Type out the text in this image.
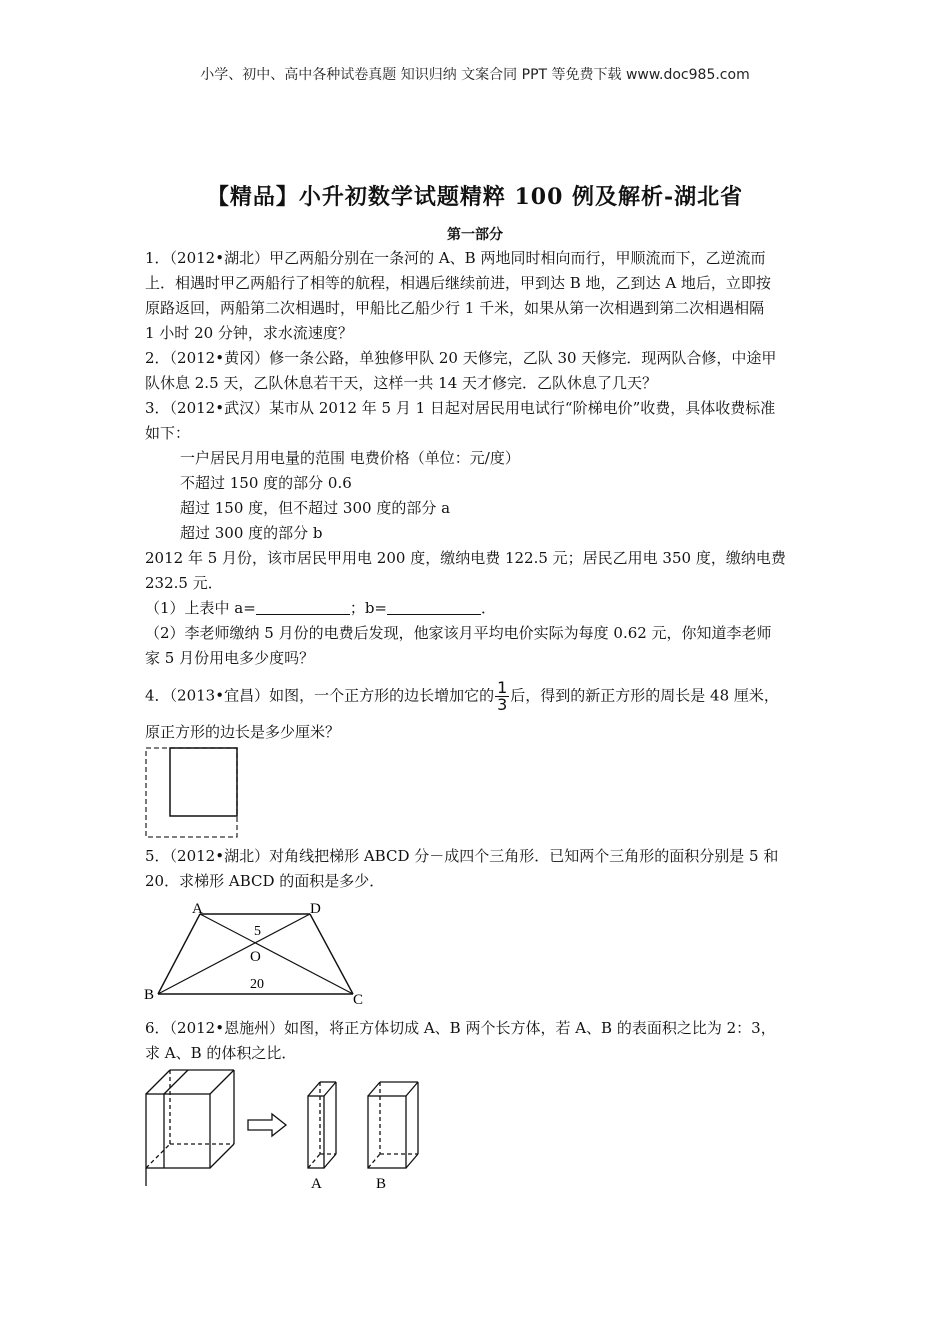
小学、初中、高中各种试卷真题 知识归纳 文案合同 PPT 等免费下载 www.doc985.com
【精品】小升初数学试题精粹 100 例及解析-湖北省
第一部分
1．（2012•湖北）甲乙两船分别在一条河的 A、B 两地同时相向而行，甲顺流而下，乙逆流而
上．相遇时甲乙两船行了相等的航程，相遇后继续前进，甲到达 B 地，乙到达 A 地后，立即按
原路返回，两船第二次相遇时，甲船比乙船少行 1 千米，如果从第一次相遇到第二次相遇相隔
1 小时 20 分钟，求水流速度？
2．（2012•黄冈）修一条公路，单独修甲队 20 天修完，乙队 30 天修完．现两队合修，中途甲
队休息 2.5 天，乙队休息若干天，这样一共 14 天才修完．乙队休息了几天？
3．（2012•武汉）某市从 2012 年 5 月 1 日起对居民用电试行“阶梯电价”收费，具体收费标准
如下：
一户居民月用电量的范围 电费价格（单位：元/度）
不超过 150 度的部分 0.6
超过 150 度，但不超过 300 度的部分 a
超过 300 度的部分 b
2012 年 5 月份，该市居民甲用电 200 度，缴纳电费 122.5 元；居民乙用电 350 度，缴纳电费
232.5 元．
（1）上表中 a=	；b=	．
（2）李老师缴纳 5 月份的电费后发现，他家该月平均电价实际为每度 0.62 元，你知道李老师
家 5 月份用电多少度吗？
4．（2013•宜昌）如图，一个正方形的边长增加它的 $\frac{1}{3}$ 后，得到的新正方形的周长是 48 厘米，
原正方形的边长是多少厘米？
5．（2012•湖北）对角线把梯形 ABCD 分－成四个三角形．已知两个三角形的面积分别是 5 和
20．求梯形 ABCD 的面积是多少．
A	D
B	C
O
5
20
6．（2012•恩施州）如图，将正方体切成 A、B 两个长方体，若 A、B 的表面积之比为 2：3，
求 A、B 的体积之比．
A	B
